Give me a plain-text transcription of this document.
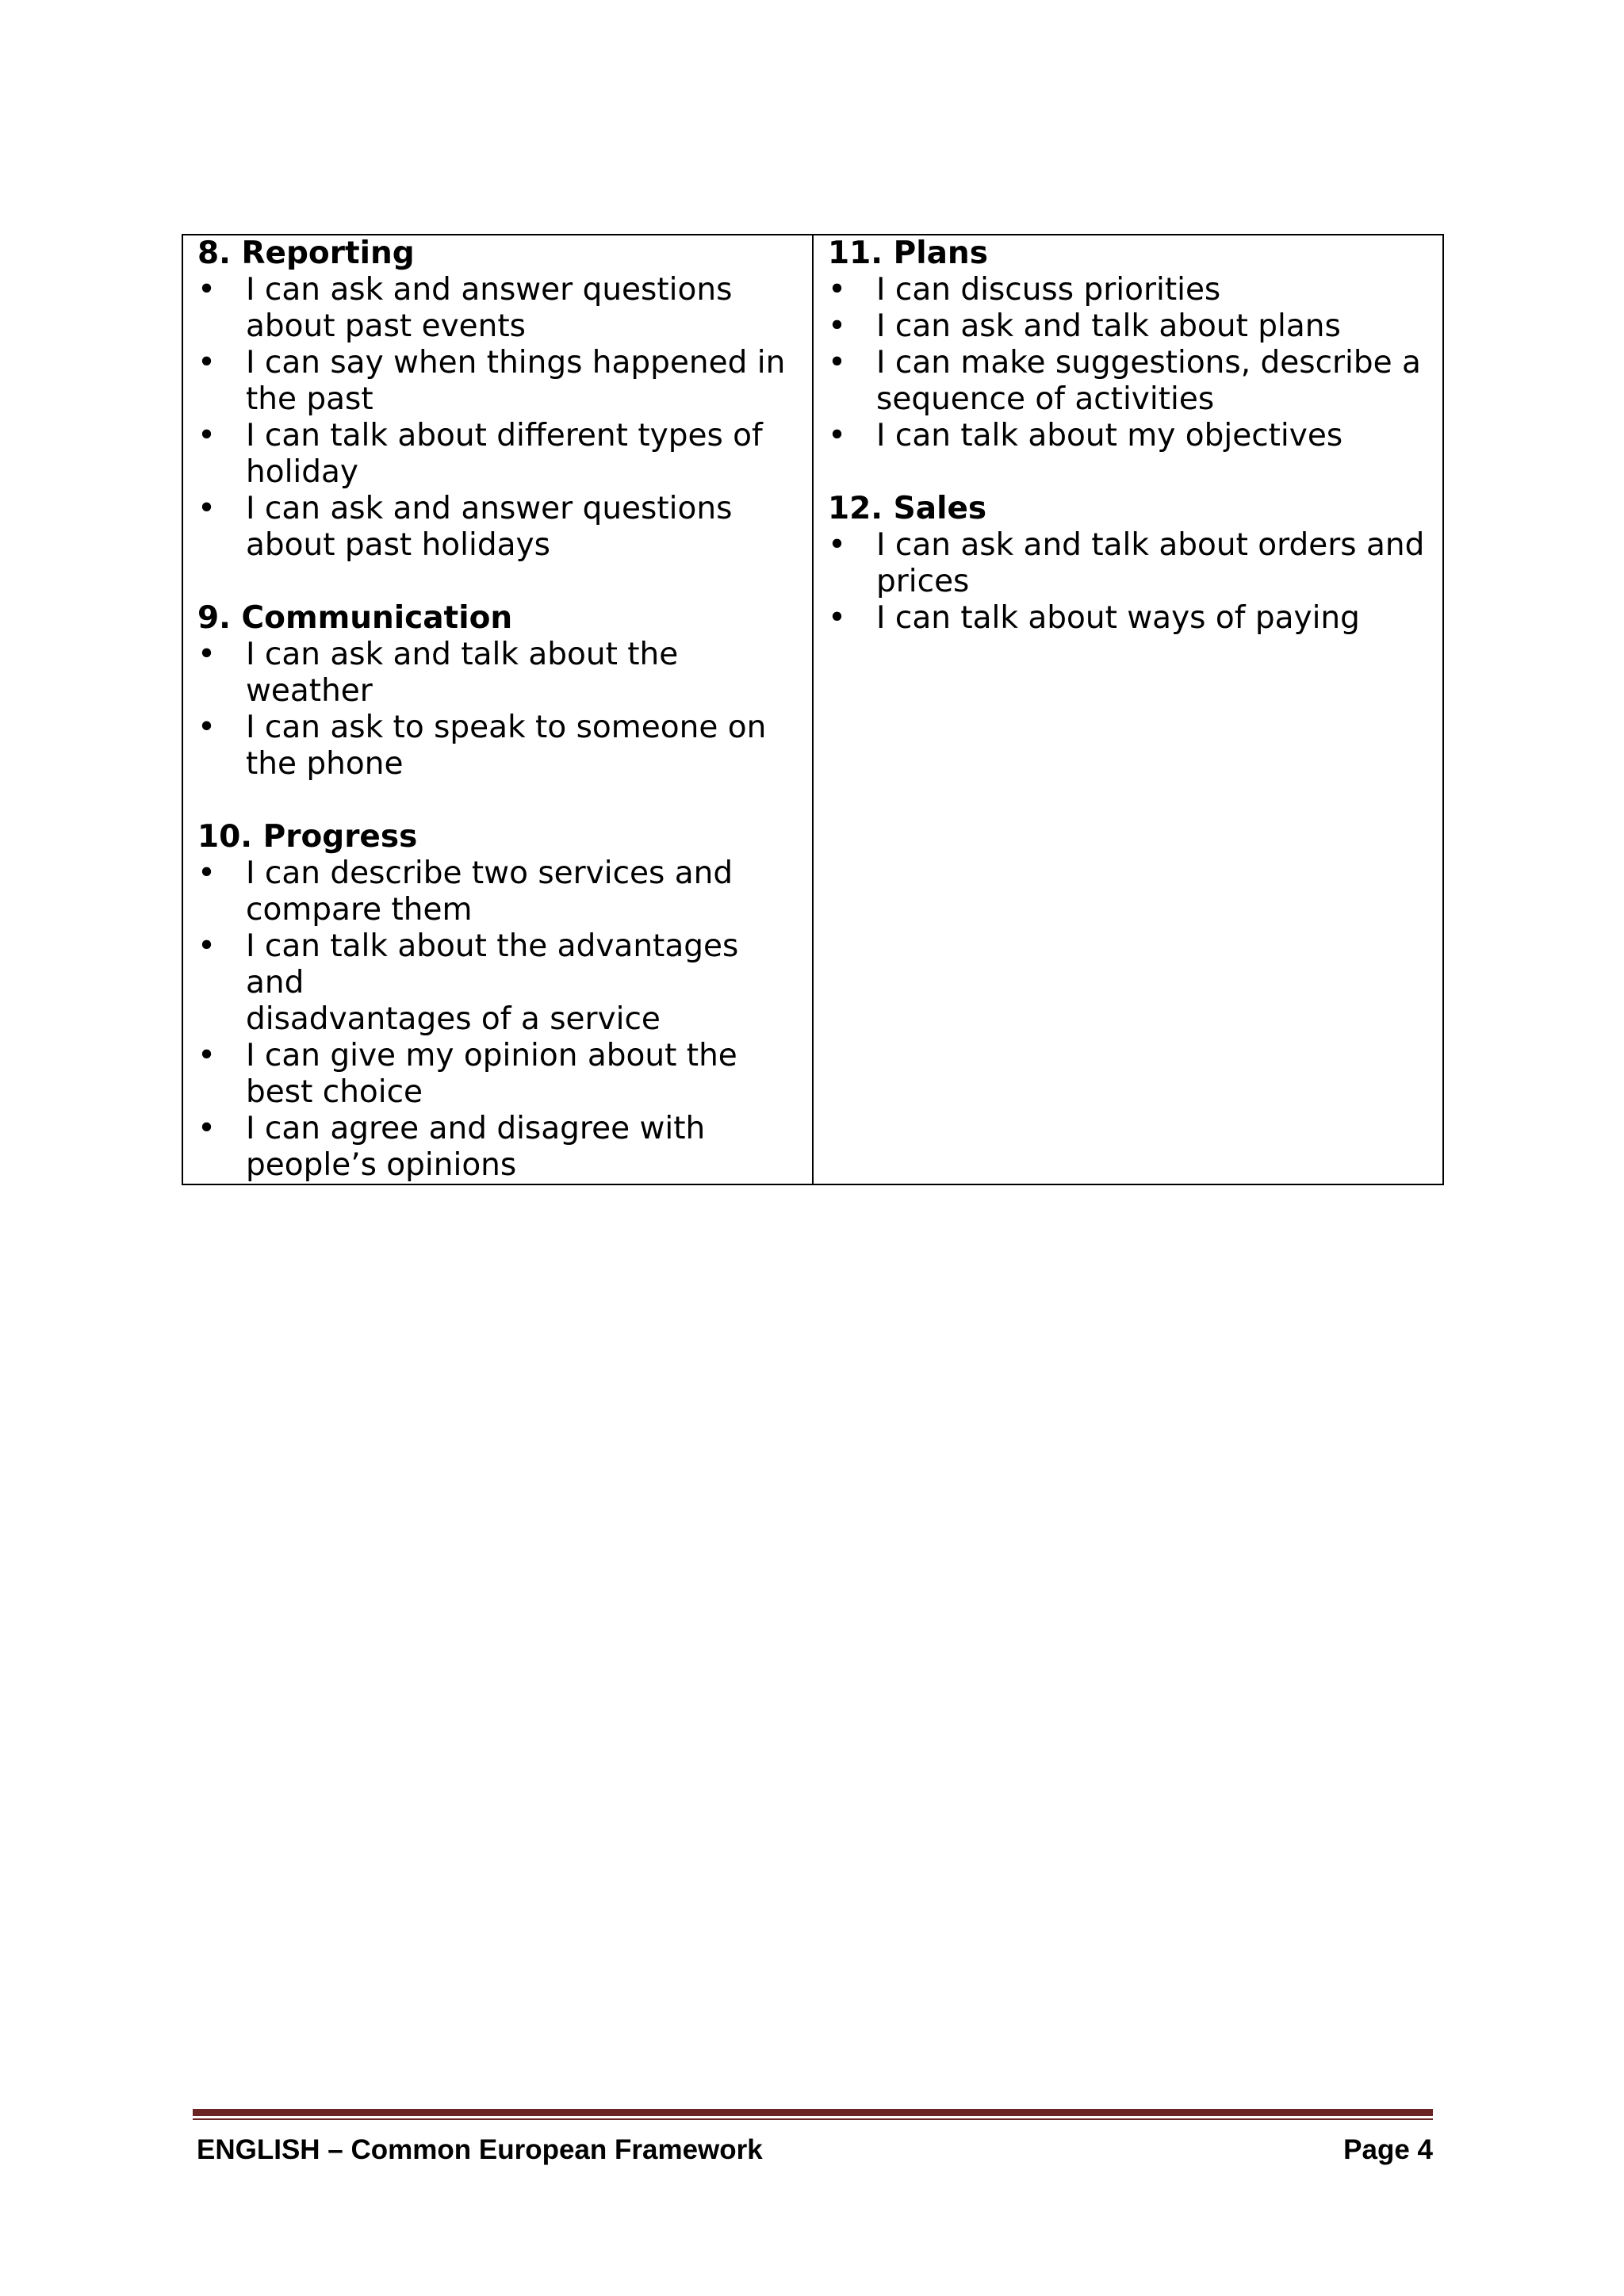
8. Reporting
• I can ask and answer questions
about past events
• I can say when things happened in
the past
• I can talk about different types of
holiday
• I can ask and answer questions
about past holidays
9. Communication
• I can ask and talk about the
weather
• I can ask to speak to someone on
the phone
10. Progress
• I can describe two services and
compare them
• I can talk about the advantages and
disadvantages of a service
• I can give my opinion about the
best choice
• I can agree and disagree with
people’s opinions
11. Plans
• I can discuss priorities
• I can ask and talk about plans
• I can make suggestions, describe a
sequence of activities
• I can talk about my objectives
12. Sales
• I can ask and talk about orders and
prices
• I can talk about ways of paying
ENGLISH – Common European Framework	Page 4
